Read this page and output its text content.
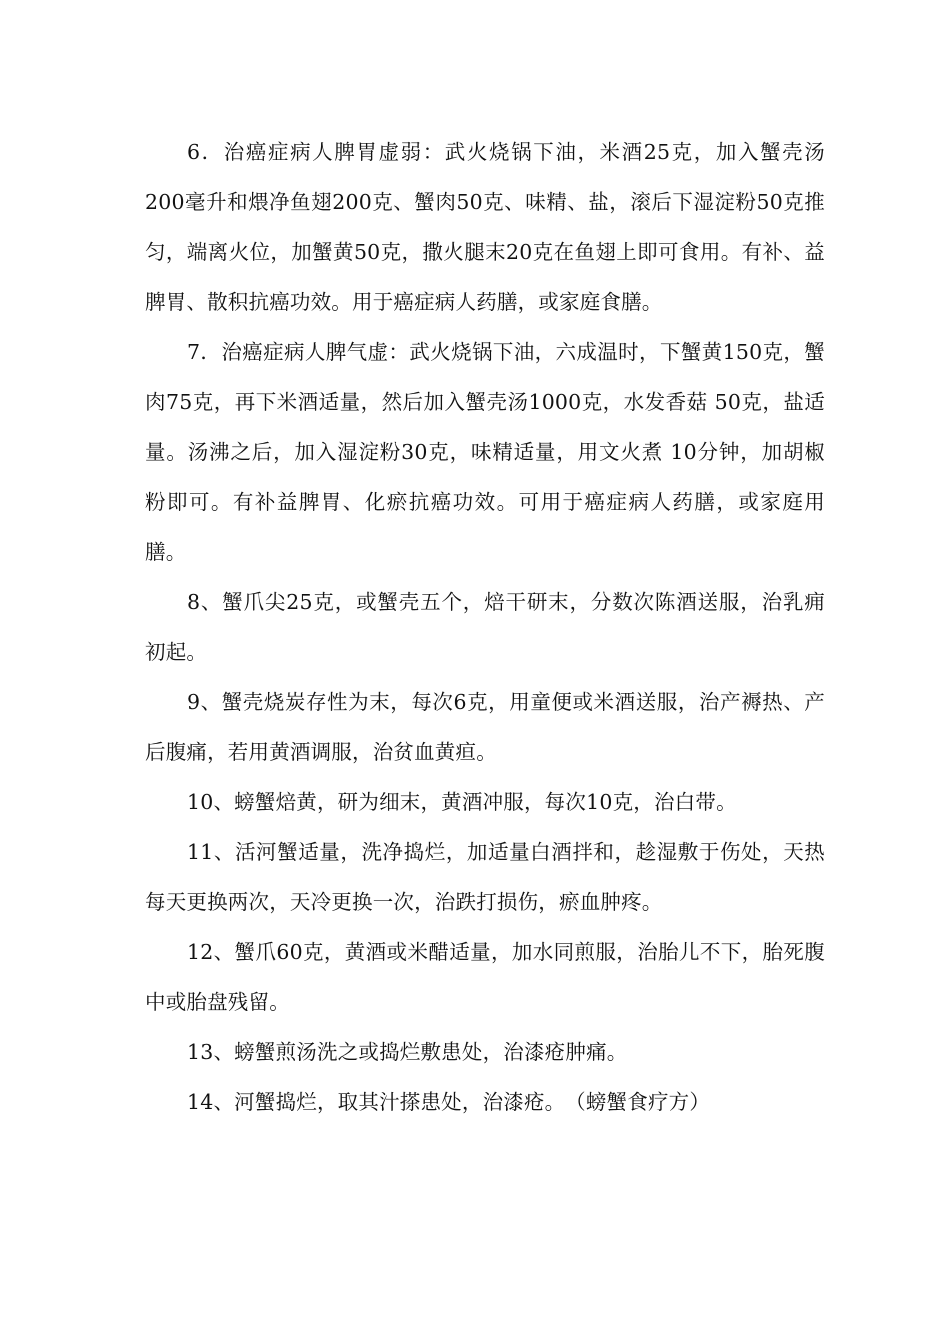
6．治癌症病人脾胃虚弱：武火烧锅下油，米酒25克，加入蟹壳汤200毫升和煨净鱼翅200克、蟹肉50克、味精、盐，滚后下湿淀粉50克推匀，端离火位，加蟹黄50克，撒火腿末20克在鱼翅上即可食用。有补、益脾胃、散积抗癌功效。用于癌症病人药膳，或家庭食膳。

7．治癌症病人脾气虚：武火烧锅下油，六成温时，下蟹黄150克，蟹肉75克，再下米酒适量，然后加入蟹壳汤1000克，水发香菇 50克，盐适量。汤沸之后，加入湿淀粉30克，味精适量，用文火煮 10分钟，加胡椒粉即可。有补益脾胃、化瘀抗癌功效。可用于癌症病人药膳，或家庭用膳。

8、蟹爪尖25克，或蟹壳五个，焙干研末，分数次陈酒送服，治乳痈初起。

9、蟹壳烧炭存性为末，每次6克，用童便或米酒送服，治产褥热、产后腹痛，若用黄酒调服，治贫血黄疸。

10、螃蟹焙黄，研为细末，黄酒冲服，每次10克，治白带。

11、活河蟹适量，洗净捣烂，加适量白酒拌和，趁湿敷于伤处，天热每天更换两次，天冷更换一次，治跌打损伤，瘀血肿疼。

12、蟹爪60克，黄酒或米醋适量，加水同煎服，治胎儿不下，胎死腹中或胎盘残留。

13、螃蟹煎汤洗之或捣烂敷患处，治漆疮肿痛。

14、河蟹捣烂，取其汁搽患处，治漆疮。 （螃蟹食疗方）
